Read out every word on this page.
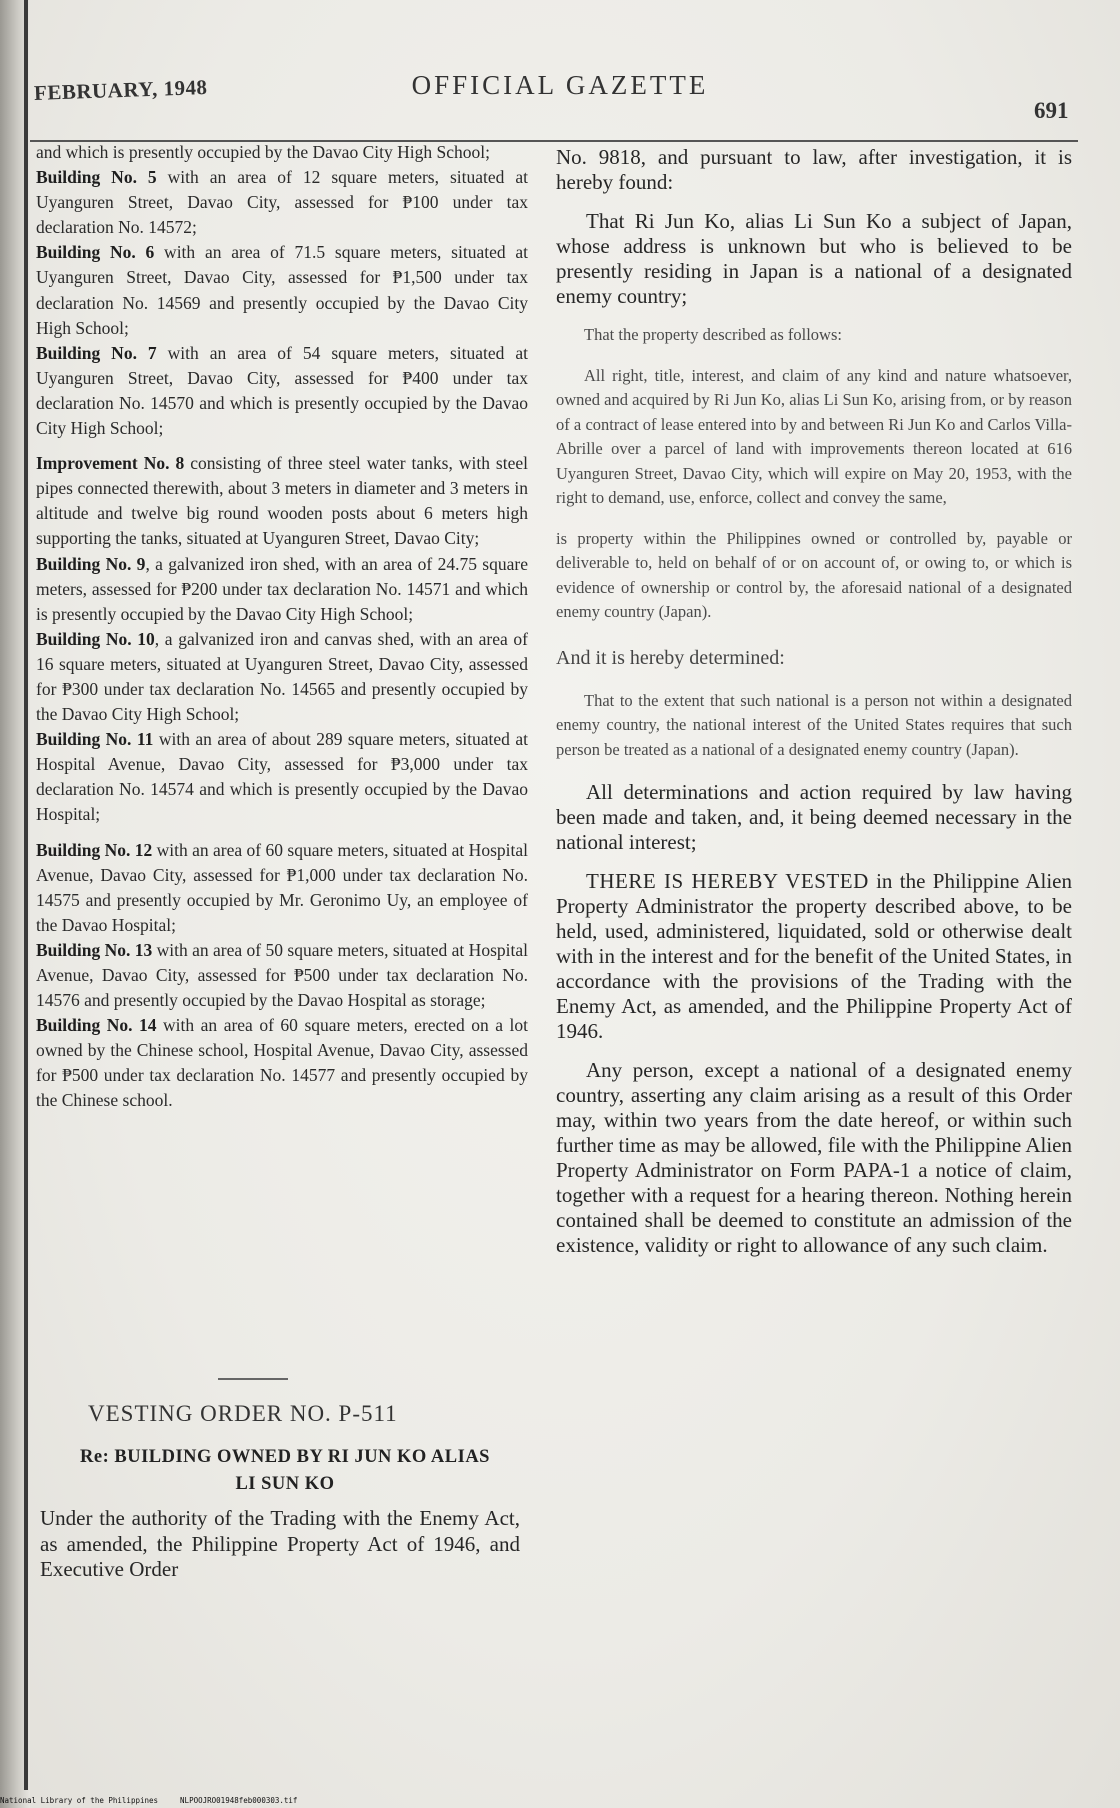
FEBRUARY, 1948	OFFICIAL GAZETTE
691

and which is presently occupied by the Davao City High School;

Building No. 5 with an area of 12 square meters, situated at Uyanguren Street, Davao City, assessed for ₱100 under tax declaration No. 14572;

Building No. 6 with an area of 71.5 square meters, situated at Uyanguren Street, Davao City, assessed for ₱1,500 under tax declaration No. 14569 and presently occupied by the Davao City High School;

Building No. 7 with an area of 54 square meters, situated at Uyanguren Street, Davao City, assessed for ₱400 under tax declaration No. 14570 and which is presently occupied by the Davao City High School;

Improvement No. 8 consisting of three steel water tanks, with steel pipes connected therewith, about 3 meters in diameter and 3 meters in altitude and twelve big round wooden posts about 6 meters high supporting the tanks, situated at Uyanguren Street, Davao City;

Building No. 9, a galvanized iron shed, with an area of 24.75 square meters, assessed for ₱200 under tax declaration No. 14571 and which is presently occupied by the Davao City High School;

Building No. 10, a galvanized iron and canvas shed, with an area of 16 square meters, situated at Uyanguren Street, Davao City, assessed for ₱300 under tax declaration No. 14565 and presently occupied by the Davao City High School;

Building No. 11 with an area of about 289 square meters, situated at Hospital Avenue, Davao City, assessed for ₱3,000 under tax declaration No. 14574 and which is presently occupied by the Davao Hospital;

Building No. 12 with an area of 60 square meters, situated at Hospital Avenue, Davao City, assessed for ₱1,000 under tax declaration No. 14575 and presently occupied by Mr. Geronimo Uy, an employee of the Davao Hospital;

Building No. 13 with an area of 50 square meters, situated at Hospital Avenue, Davao City, assessed for ₱500 under tax declaration No. 14576 and presently occupied by the Davao Hospital as storage;

Building No. 14 with an area of 60 square meters, erected on a lot owned by the Chinese school, Hospital Avenue, Davao City, assessed for ₱500 under tax declaration No. 14577 and presently occupied by the Chinese school.

VESTING ORDER NO. P-511
Re: BUILDING OWNED BY RI JUN KO ALIAS
LI SUN KO
Under the authority of the Trading with the Enemy Act, as amended, the Philippine Property Act of 1946, and Executive Order

No. 9818, and pursuant to law, after investigation, it is hereby found:

That Ri Jun Ko, alias Li Sun Ko a subject of Japan, whose address is unknown but who is believed to be presently residing in Japan is a national of a designated enemy country;

That the property described as follows:

All right, title, interest, and claim of any kind and nature whatsoever, owned and acquired by Ri Jun Ko, alias Li Sun Ko, arising from, or by reason of a contract of lease entered into by and between Ri Jun Ko and Carlos Villa-Abrille over a parcel of land with improvements thereon located at 616 Uyanguren Street, Davao City, which will expire on May 20, 1953, with the right to demand, use, enforce, collect and convey the same,

is property within the Philippines owned or controlled by, payable or deliverable to, held on behalf of or on account of, or owing to, or which is evidence of ownership or control by, the aforesaid national of a designated enemy country (Japan).

And it is hereby determined:

That to the extent that such national is a person not within a designated enemy country, the national interest of the United States requires that such person be treated as a national of a designated enemy country (Japan).

All determinations and action required by law having been made and taken, and, it being deemed necessary in the national interest;

THERE IS HEREBY VESTED in the Philippine Alien Property Administrator the property described above, to be held, used, administered, liquidated, sold or otherwise dealt with in the interest and for the benefit of the United States, in accordance with the provisions of the Trading with the Enemy Act, as amended, and the Philippine Property Act of 1946.

Any person, except a national of a designated enemy country, asserting any claim arising as a result of this Order may, within two years from the date hereof, or within such further time as may be allowed, file with the Philippine Alien Property Administrator on Form PAPA-1 a notice of claim, together with a request for a hearing thereon. Nothing herein contained shall be deemed to constitute an admission of the existence, validity or right to allowance of any such claim.

National Library of the Philippines	NLPOOJRO01948feb000303.tif
